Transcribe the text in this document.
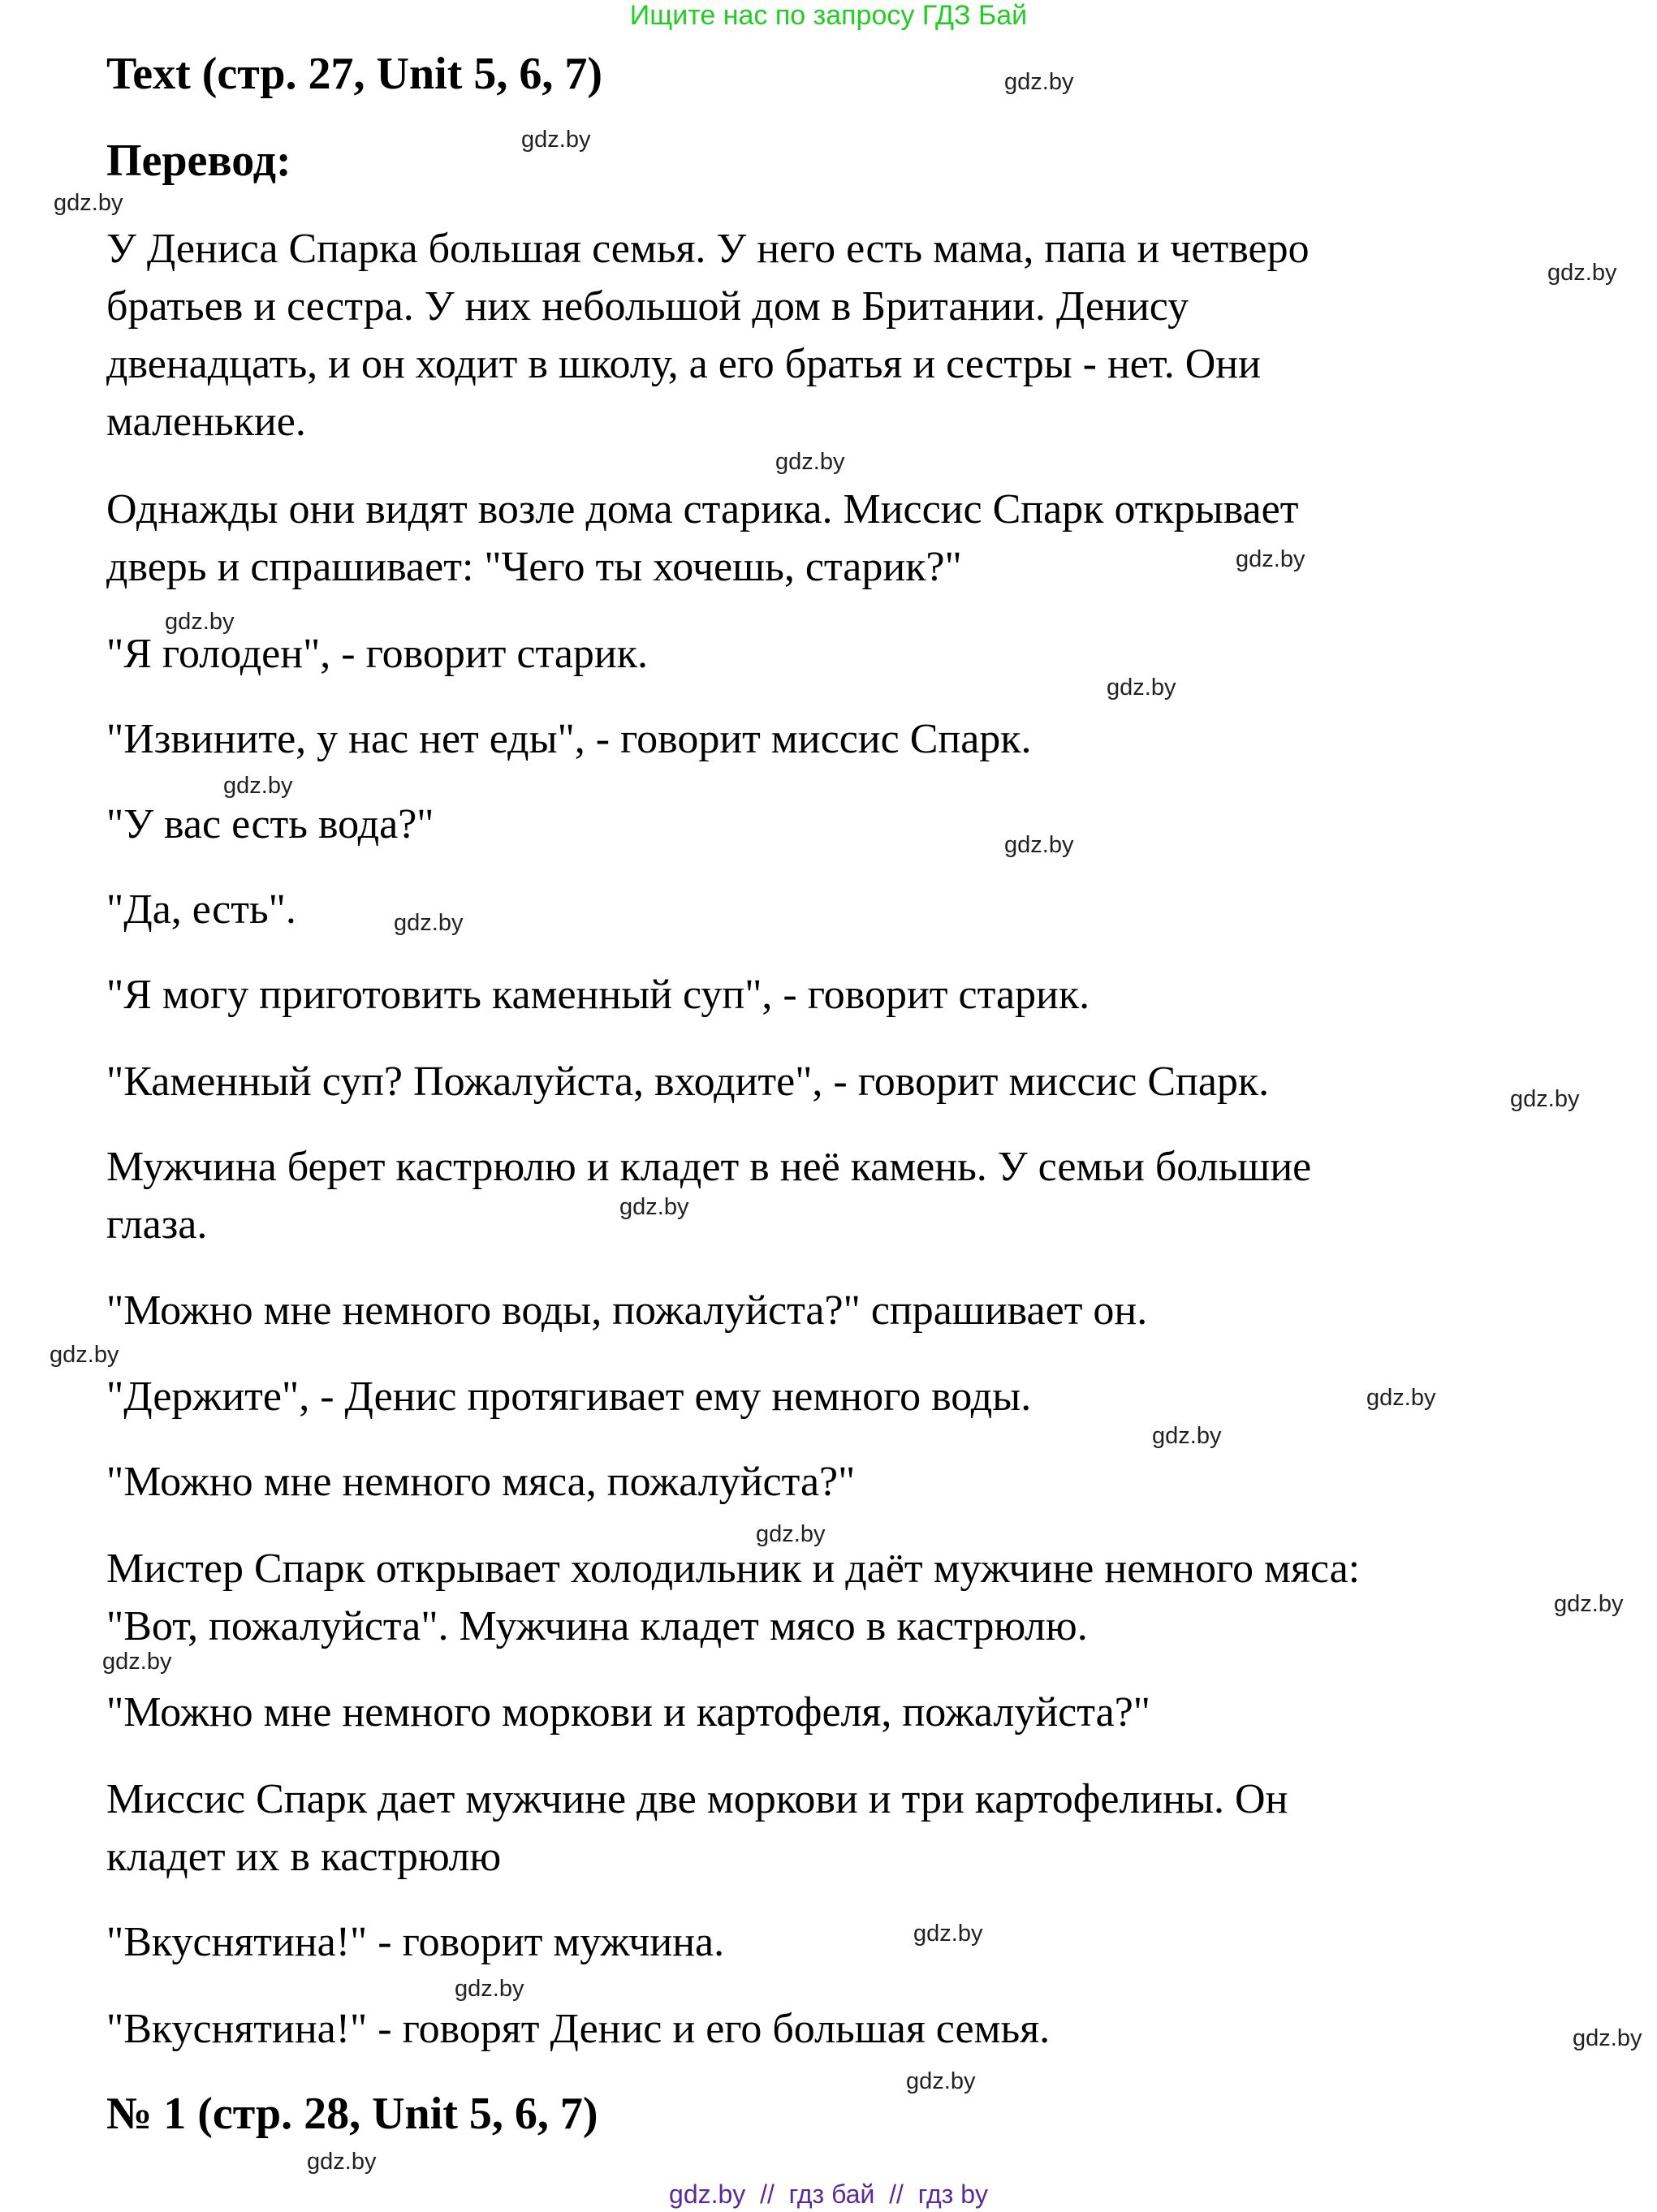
Ищите нас по запросу ГДЗ Бай
Text (стр. 27, Unit 5, 6, 7)
Перевод:
У Дениса Спарка большая семья. У него есть мама, папа и четверо
братьев и сестра. У них небольшой дом в Британии. Денису
двенадцать, и он ходит в школу, а его братья и сестры - нет. Они
маленькие.
Однажды они видят возле дома старика. Миссис Спарк открывает
дверь и спрашивает: "Чего ты хочешь, старик?"
"Я голоден", - говорит старик.
"Извините, у нас нет еды", - говорит миссис Спарк.
"У вас есть вода?"
"Да, есть".
"Я могу приготовить каменный суп", - говорит старик.
"Каменный суп? Пожалуйста, входите", - говорит миссис Спарк.
Мужчина берет кастрюлю и кладет в неё камень. У семьи большие
глаза.
"Можно мне немного воды, пожалуйста?" спрашивает он.
"Держите", - Денис протягивает ему немного воды.
"Можно мне немного мяса, пожалуйста?"
Мистер Спарк открывает холодильник и даёт мужчине немного мяса:
"Вот, пожалуйста". Мужчина кладет мясо в кастрюлю.
"Можно мне немного моркови и картофеля, пожалуйста?"
Миссис Спарк дает мужчине две моркови и три картофелины. Он
кладет их в кастрюлю
"Вкуснятина!" - говорит мужчина.
"Вкуснятина!" - говорят Денис и его большая семья.
№ 1 (стр. 28, Unit 5, 6, 7)
gdz.by
gdz.by
gdz.by
gdz.by
gdz.by
gdz.by
gdz.by
gdz.by
gdz.by
gdz.by
gdz.by
gdz.by
gdz.by
gdz.by
gdz.by
gdz.by
gdz.by
gdz.by
gdz.by
gdz.by
gdz.by
gdz.by
gdz.by
gdz.by
gdz.by  //  гдз бай  //  гдз by
